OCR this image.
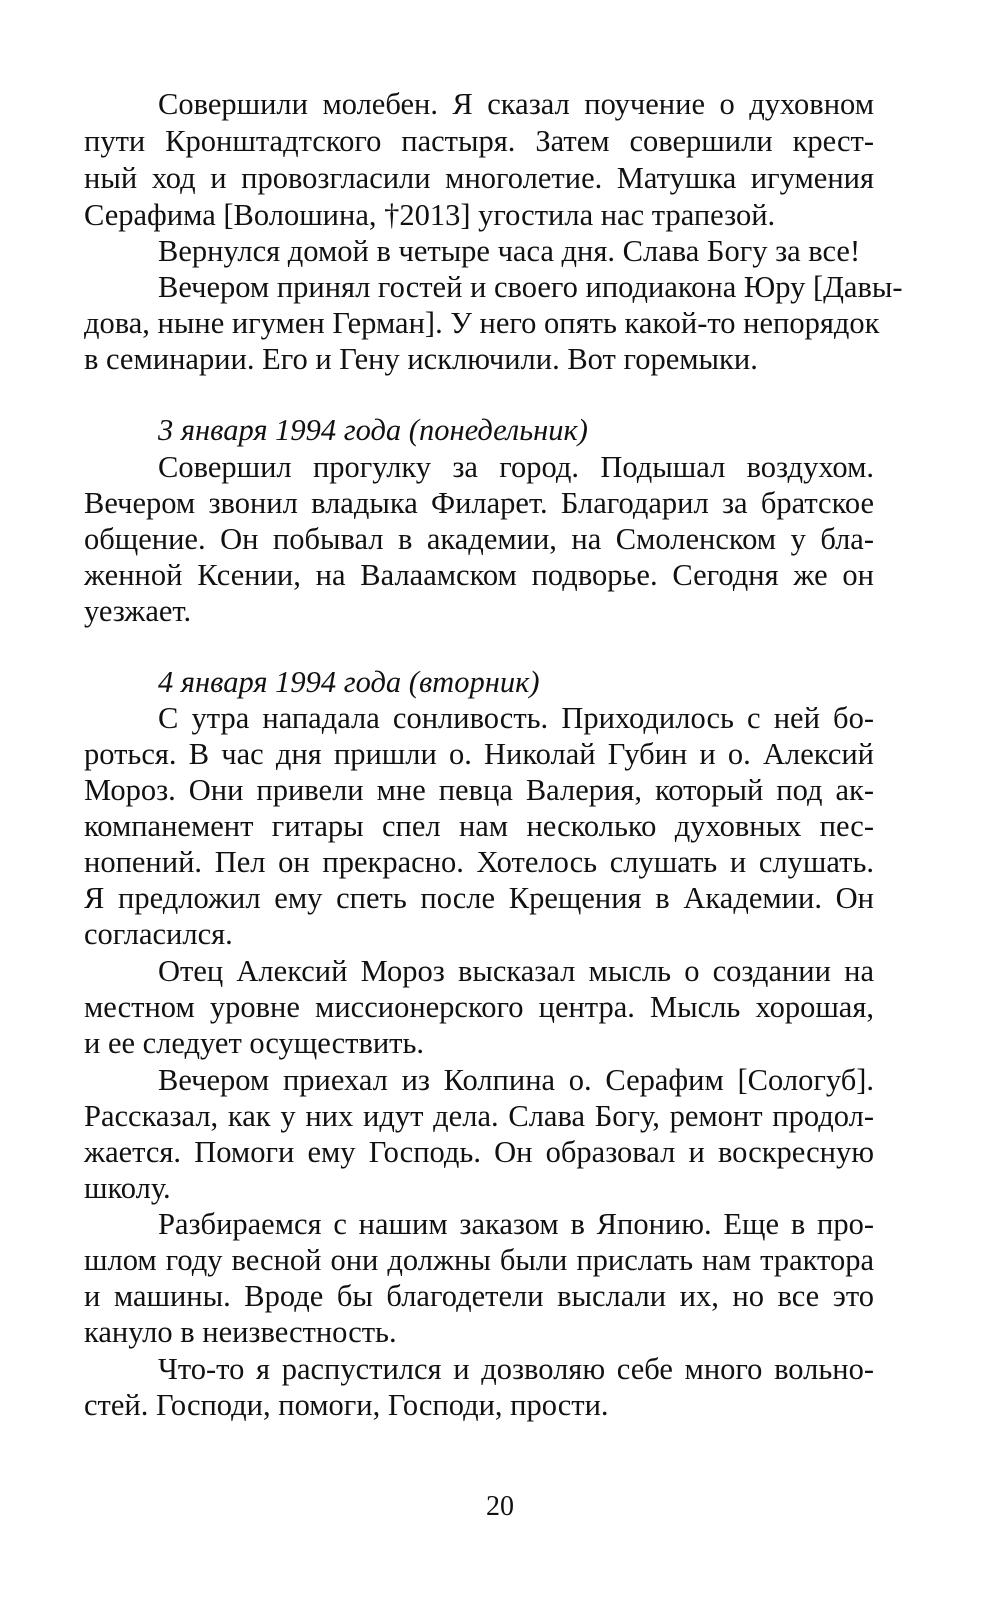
Совершили молебен. Я сказал поучение о духовном
пути Кронштадтского пастыря. Затем совершили крест-
ный ход и провозгласили многолетие. Матушка игумения
Серафима [Волошина, †2013] угостила нас трапезой.
Вернулся домой в четыре часа дня. Слава Богу за все!
Вечером принял гостей и своего иподиакона Юру [Давы-
дова, ныне игумен Герман]. У него опять какой-то непорядок
в семинарии. Его и Гену исключили. Вот горемыки.
3 января 1994 года (понедельник)
Совершил прогулку за город. Подышал воздухом.
Вечером звонил владыка Филарет. Благодарил за братское
общение. Он побывал в академии, на Смоленском у бла-
женной Ксении, на Валаамском подворье. Сегодня же он
уезжает.
4 января 1994 года (вторник)
С утра нападала сонливость. Приходилось с ней бо-
роться. В час дня пришли о. Николай Губин и о. Алексий
Мороз. Они привели мне певца Валерия, который под ак-
компанемент гитары спел нам несколько духовных пес-
нопений. Пел он прекрасно. Хотелось слушать и слушать.
Я предложил ему спеть после Крещения в Академии. Он
согласился.
Отец Алексий Мороз высказал мысль о создании на
местном уровне миссионерского центра. Мысль хорошая,
и ее следует осуществить.
Вечером приехал из Колпина о. Серафим [Сологуб].
Рассказал, как у них идут дела. Слава Богу, ремонт продол-
жается. Помоги ему Господь. Он образовал и воскресную
школу.
Разбираемся с нашим заказом в Японию. Еще в про-
шлом году весной они должны были прислать нам трактора
и машины. Вроде бы благодетели выслали их, но все это
кануло в неизвестность.
Что-то я распустился и дозволяю себе много вольно-
стей. Господи, помоги, Господи, прости.
20
